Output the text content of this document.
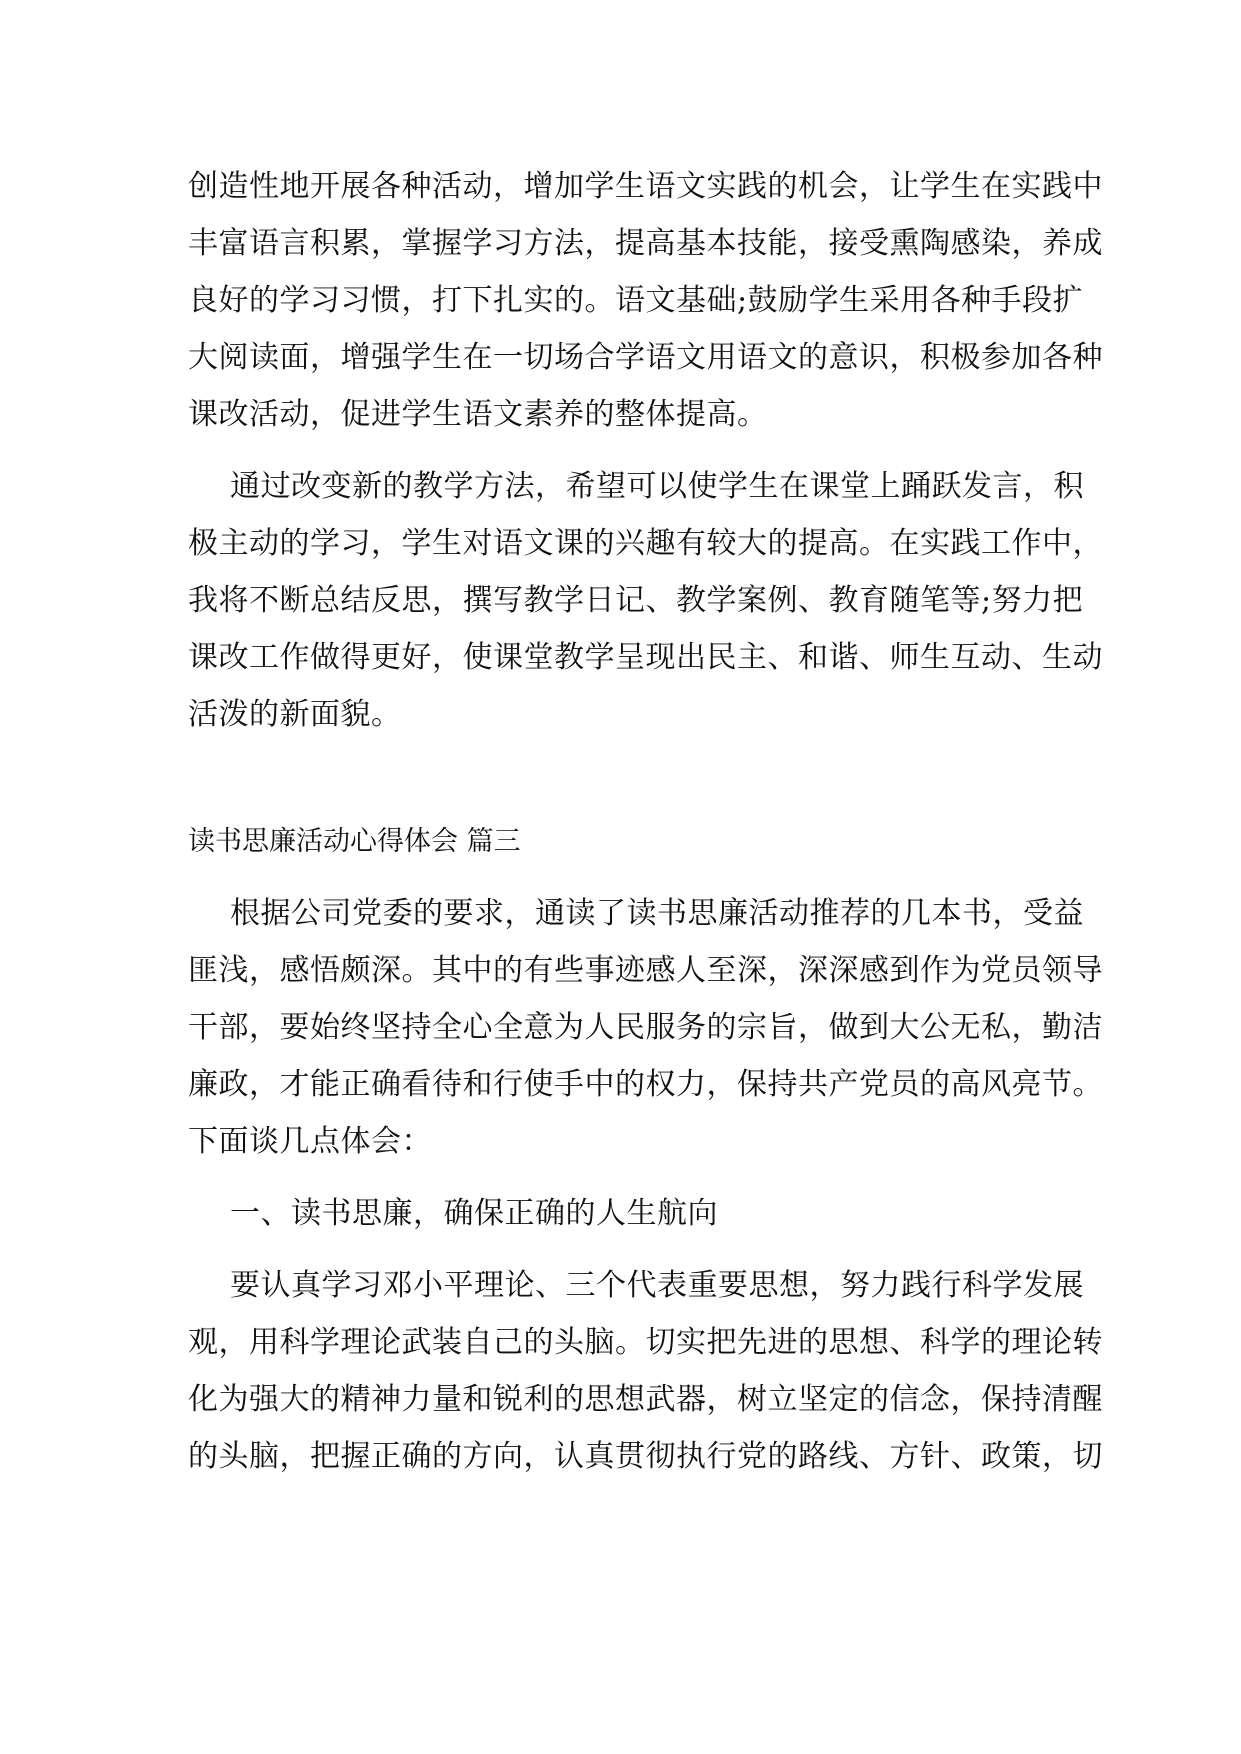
创造性地开展各种活动，增加学生语文实践的机会，让学生在实践中
丰富语言积累，掌握学习方法，提高基本技能，接受熏陶感染，养成
良好的学习习惯，打下扎实的。语文基础;鼓励学生采用各种手段扩
大阅读面，增强学生在一切场合学语文用语文的意识，积极参加各种
课改活动，促进学生语文素养的整体提高。
通过改变新的教学方法，希望可以使学生在课堂上踊跃发言，积
极主动的学习，学生对语文课的兴趣有较大的提高。在实践工作中，
我将不断总结反思，撰写教学日记、教学案例、教育随笔等;努力把
课改工作做得更好，使课堂教学呈现出民主、和谐、师生互动、生动
活泼的新面貌。
读书思廉活动心得体会 篇三
根据公司党委的要求，通读了读书思廉活动推荐的几本书，受益
匪浅，感悟颇深。其中的有些事迹感人至深，深深感到作为党员领导
干部，要始终坚持全心全意为人民服务的宗旨，做到大公无私，勤洁
廉政，才能正确看待和行使手中的权力，保持共产党员的高风亮节。
下面谈几点体会：
一、读书思廉，确保正确的人生航向
要认真学习邓小平理论、三个代表重要思想，努力践行科学发展
观，用科学理论武装自己的头脑。切实把先进的思想、科学的理论转
化为强大的精神力量和锐利的思想武器，树立坚定的信念，保持清醒
的头脑，把握正确的方向，认真贯彻执行党的路线、方针、政策，切
